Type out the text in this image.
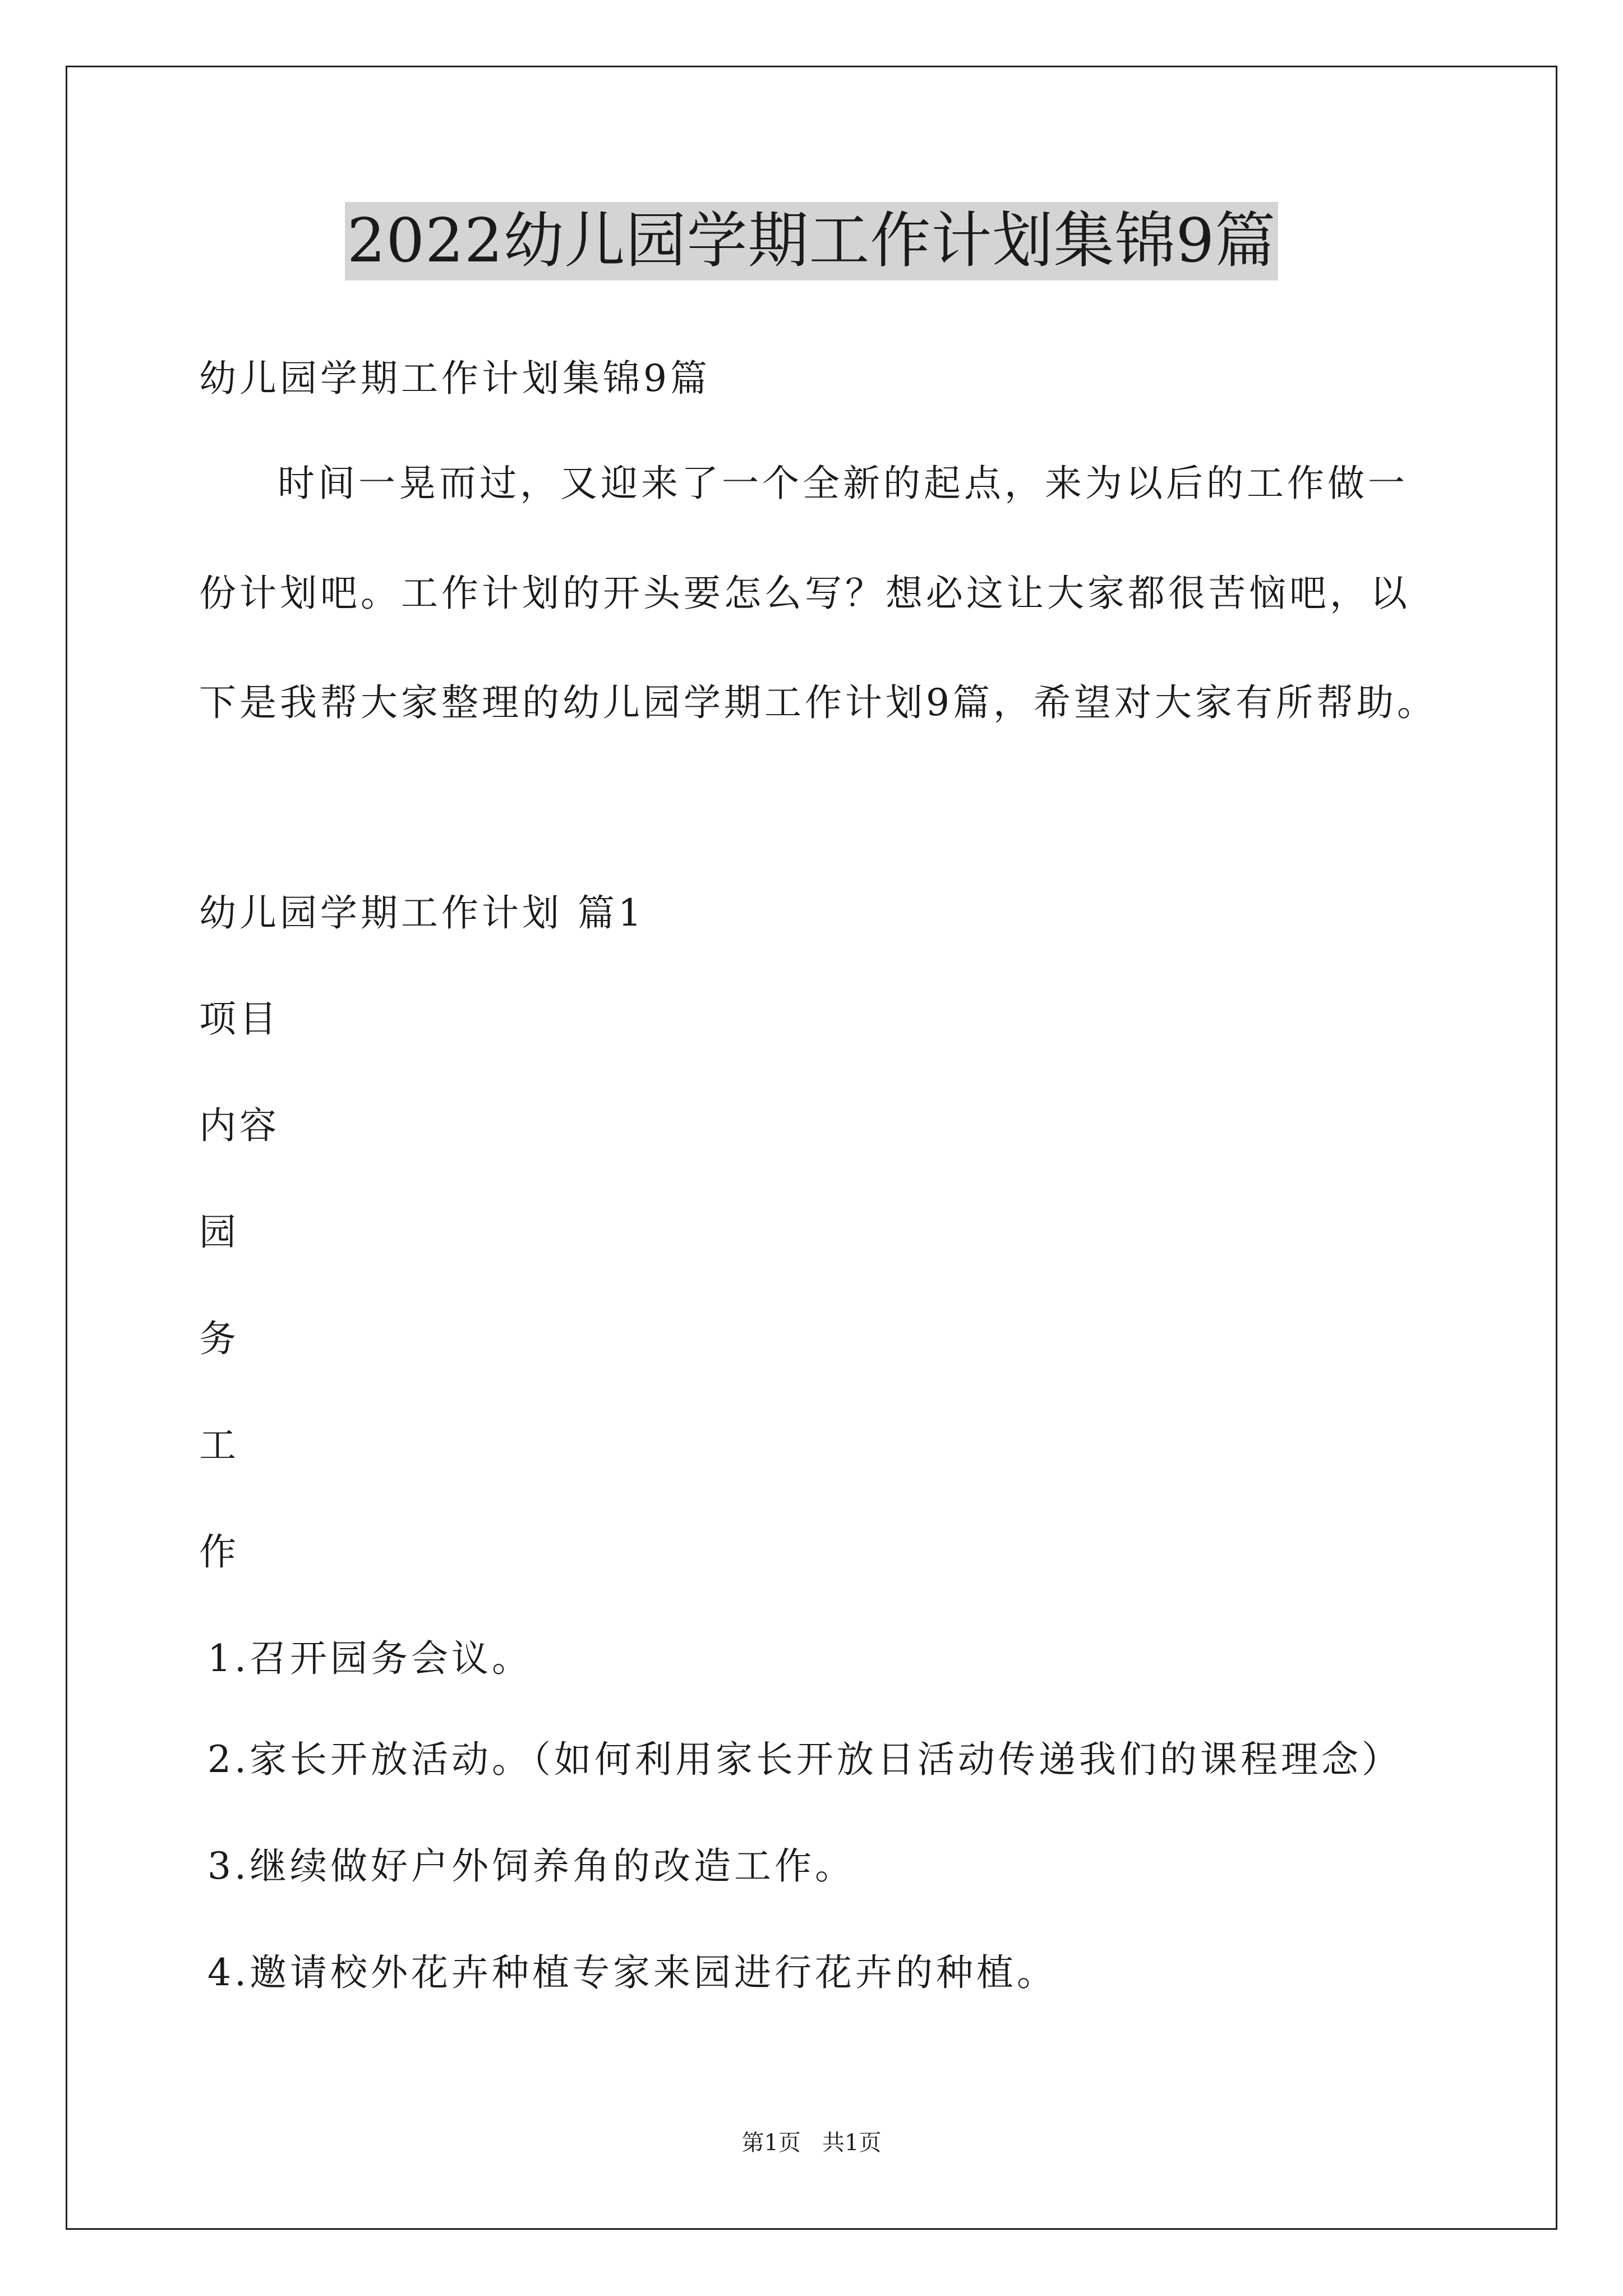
2022幼儿园学期工作计划集锦9篇
幼儿园学期工作计划集锦9篇
时间一晃而过，又迎来了一个全新的起点，来为以后的工作做一
份计划吧。工作计划的开头要怎么写？想必这让大家都很苦恼吧，以
下是我帮大家整理的幼儿园学期工作计划9篇，希望对大家有所帮助。
幼儿园学期工作计划 篇1
项目
内容
园
务
工
作
1.召开园务会议。
2.家长开放活动。（如何利用家长开放日活动传递我们的课程理念）
3.继续做好户外饲养角的改造工作。
4.邀请校外花卉种植专家来园进行花卉的种植。
第1页   共1页
